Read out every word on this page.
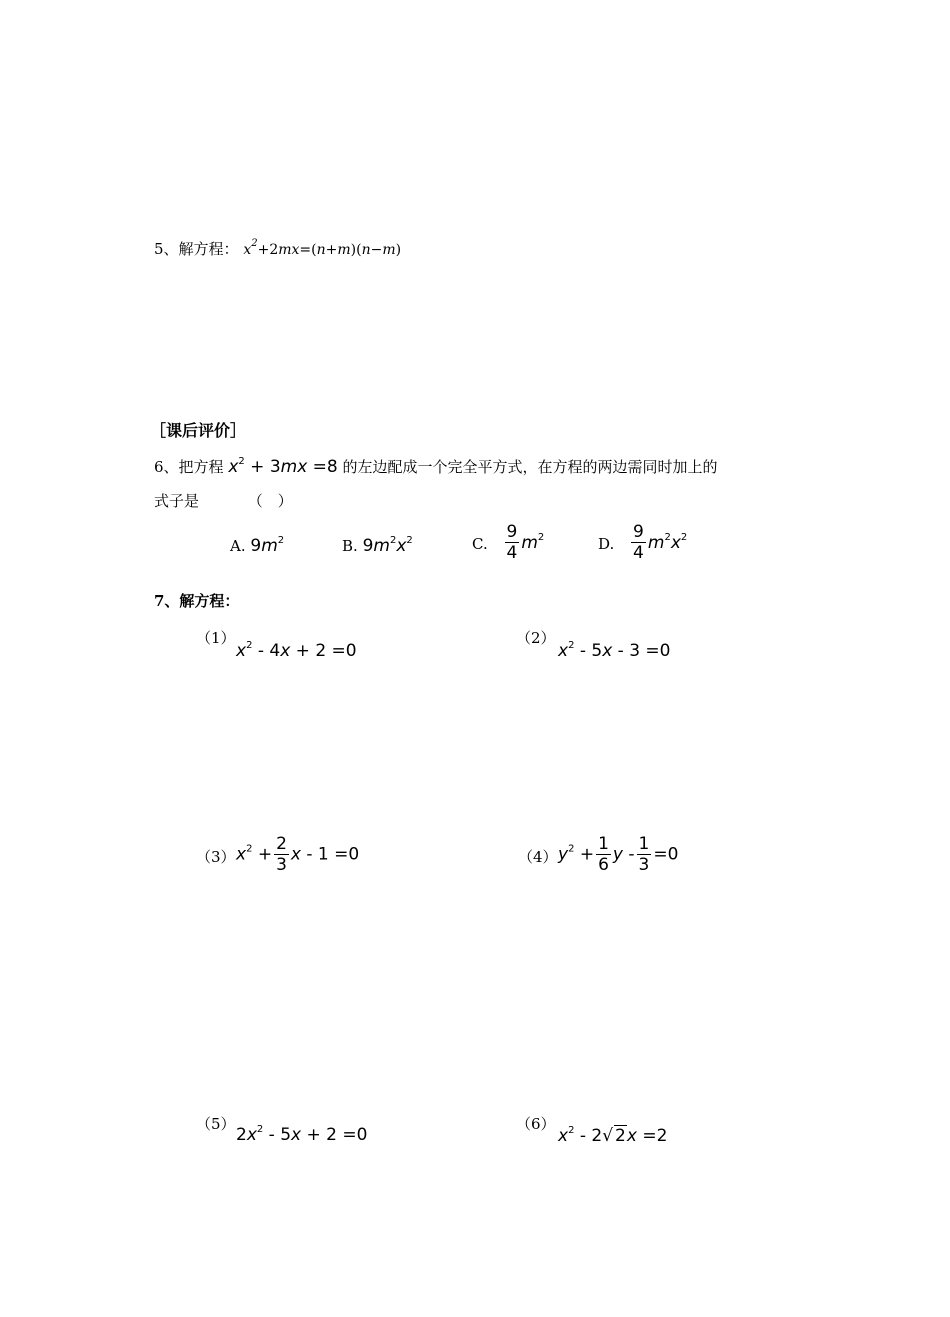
5、解方程： $x^2+2mx=(n+m)(n-m)$
［课后评价］
6、把方程 $x^2 + 3mx =8$ 的左边配成一个完全平方式，在方程的两边需同时加上的
式子是	（　）
A. $9m^2$	B. $9m^2x^2$	C. $\frac{9}{4} m^2$	D. $\frac{9}{4} m^2x^2$
7、解方程：
（1）
$x^2 - 4x + 2 =0$
（2）
$x^2 - 5x - 3 =0$
（3） $x^2 + \frac{2}{3}$ x - 1 =0	（4） $y^2 + \frac{1}{6}$ $y - \frac{1}{3} =0$
（5）
$2x^2 - 5x + 2 =0$
（6）
$x^2 - 2√$ 2x =2
